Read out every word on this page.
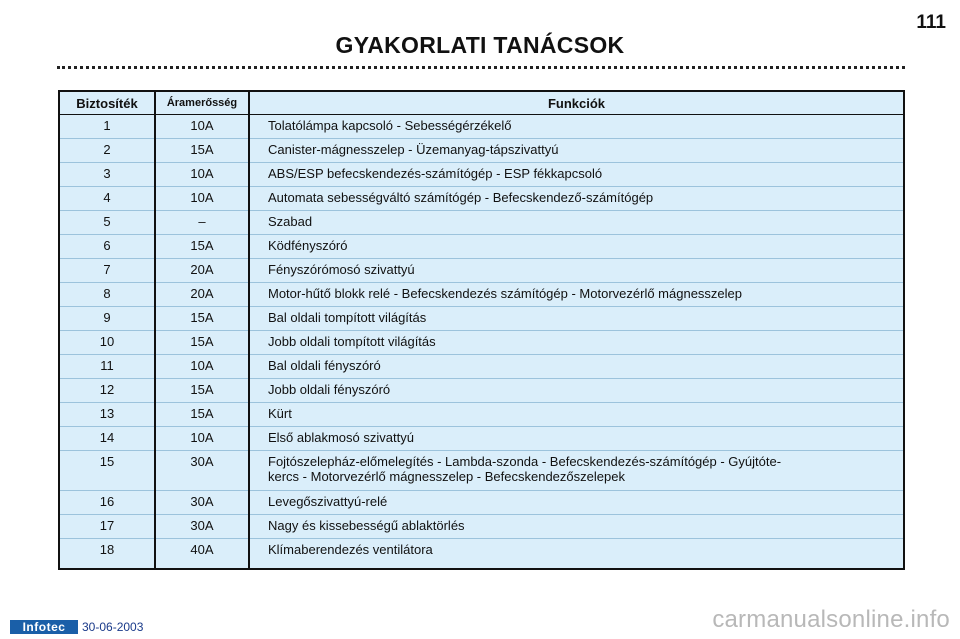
111
GYAKORLATI TANÁCSOK
Biztosíték	Áramerősség	Funkciók
1	10A	Tolatólámpa kapcsoló - Sebességérzékelő
2	15A	Canister-mágnesszelep - Üzemanyag-tápszivattyú
3	10A	ABS/ESP befecskendezés-számítógép - ESP fékkapcsoló
4	10A	Automata sebességváltó számítógép - Befecskendező-számítógép
5	–	Szabad
6	15A	Ködfényszóró
7	20A	Fényszórómosó szivattyú
8	20A	Motor-hűtő blokk relé - Befecskendezés számítógép - Motorvezérlő mágnesszelep
9	15A	Bal oldali tompított világítás
10	15A	Jobb oldali tompított világítás
11	10A	Bal oldali fényszóró
12	15A	Jobb oldali fényszóró
13	15A	Kürt
14	10A	Első ablakmosó szivattyú
15	30A	Fojtószelepház-előmelegítés - Lambda-szonda - Befecskendezés-számítógép - Gyújtóte-
kercs - Motorvezérlő mágnesszelep - Befecskendezőszelepek

16	30A	Levegőszivattyú-relé
17	30A	Nagy és kissebességű ablaktörlés
18	40A	Klímaberendezés ventilátora
Infotec	30-06-2003	carmanualsonline.info
